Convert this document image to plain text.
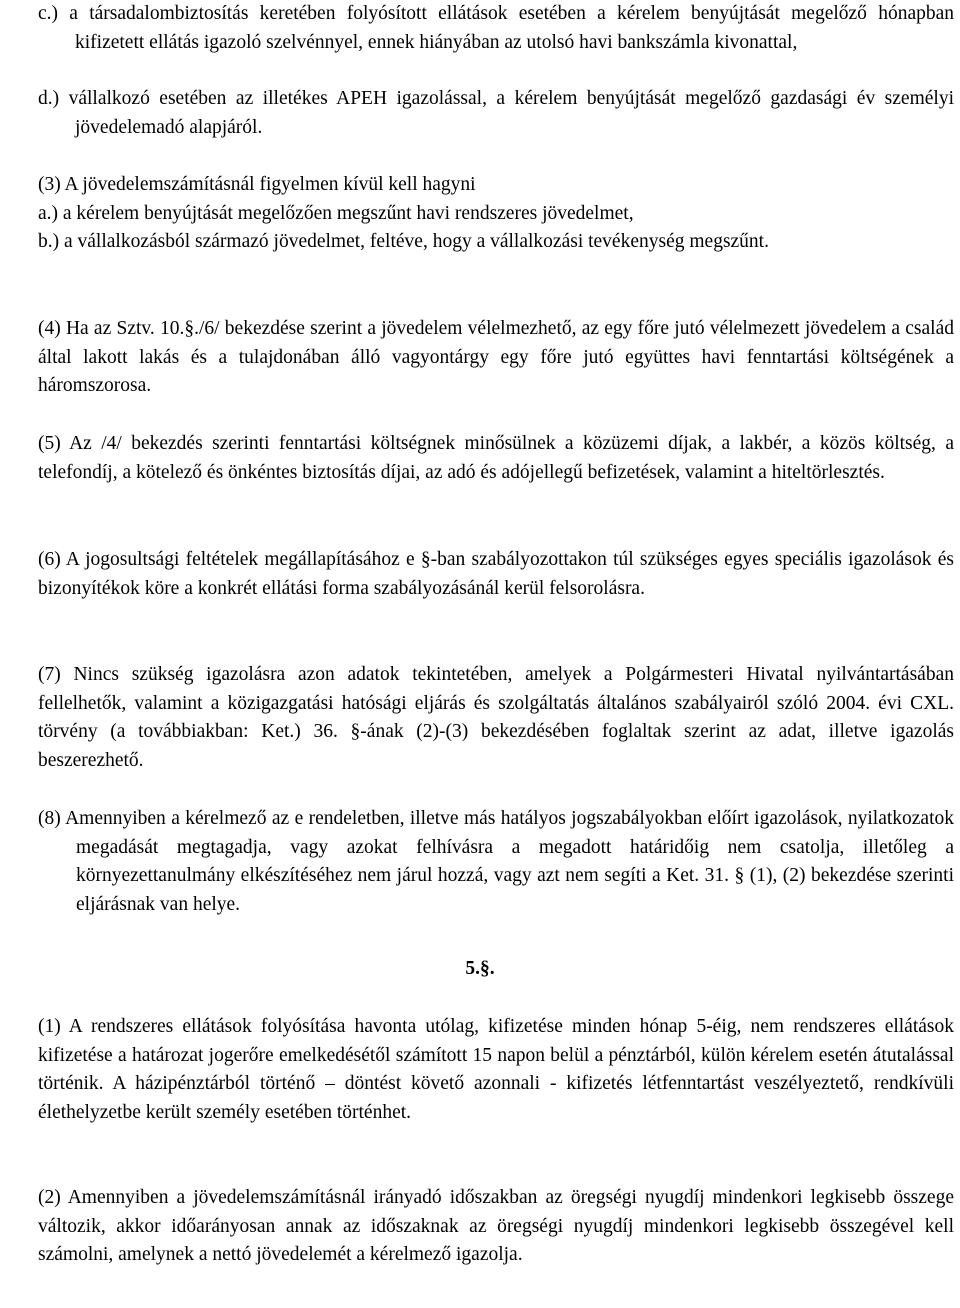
c.) a társadalombiztosítás keretében folyósított ellátások esetében a kérelem benyújtását megelőző hónapban kifizetett ellátás igazoló szelvénnyel, ennek hiányában az utolsó havi bankszámla kivonattal,

d.) vállalkozó esetében az illetékes APEH igazolással, a kérelem benyújtását megelőző gazdasági év személyi jövedelemadó alapjáról.

(3) A jövedelemszámításnál figyelmen kívül kell hagyni

a.) a kérelem benyújtását megelőzően megszűnt havi rendszeres jövedelmet,

b.) a vállalkozásból származó jövedelmet, feltéve, hogy a vállalkozási tevékenység megszűnt.

(4) Ha az Sztv. 10.§./6/ bekezdése szerint a jövedelem vélelmezhető, az egy főre jutó vélelmezett jövedelem a család által lakott lakás és a tulajdonában álló vagyontárgy egy főre jutó együttes havi fenntartási költségének a háromszorosa.

(5) Az /4/ bekezdés szerinti fenntartási költségnek minősülnek a közüzemi díjak, a lakbér, a közös költség, a telefondíj, a kötelező és önkéntes biztosítás díjai, az adó és adójellegű befizetések, valamint a hiteltörlesztés.

(6) A jogosultsági feltételek megállapításához e §-ban szabályozottakon túl szükséges egyes speciális igazolások és bizonyítékok köre a konkrét ellátási forma szabályozásánál kerül felsorolásra.

(7) Nincs szükség igazolásra azon adatok tekintetében, amelyek a Polgármesteri Hivatal nyilvántartásában fellelhetők, valamint a közigazgatási hatósági eljárás és szolgáltatás általános szabályairól szóló 2004. évi CXL. törvény (a továbbiakban: Ket.) 36. §-ának (2)-(3) bekezdésében foglaltak szerint az adat, illetve igazolás beszerezhető.

(8) Amennyiben a kérelmező az e rendeletben, illetve más hatályos jogszabályokban előírt igazolások, nyilatkozatok megadását megtagadja, vagy azokat felhívásra a megadott határidőig nem csatolja, illetőleg a környezettanulmány elkészítéséhez nem járul hozzá, vagy azt nem segíti a Ket. 31. § (1), (2) bekezdése szerinti eljárásnak van helye.

5.§.

(1) A rendszeres ellátások folyósítása havonta utólag, kifizetése minden hónap 5-éig, nem rendszeres ellátások kifizetése a határozat jogerőre emelkedésétől számított 15 napon belül a pénztárból, külön kérelem esetén átutalással történik. A házipénztárból történő – döntést követő azonnali - kifizetés létfenntartást veszélyeztető, rendkívüli élethelyzetbe került személy esetében történhet.

(2) Amennyiben a jövedelemszámításnál irányadó időszakban az öregségi nyugdíj mindenkori legkisebb összege változik, akkor időarányosan annak az időszaknak az öregségi nyugdíj mindenkori legkisebb összegével kell számolni, amelynek a nettó jövedelemét a kérelmező igazolja.
